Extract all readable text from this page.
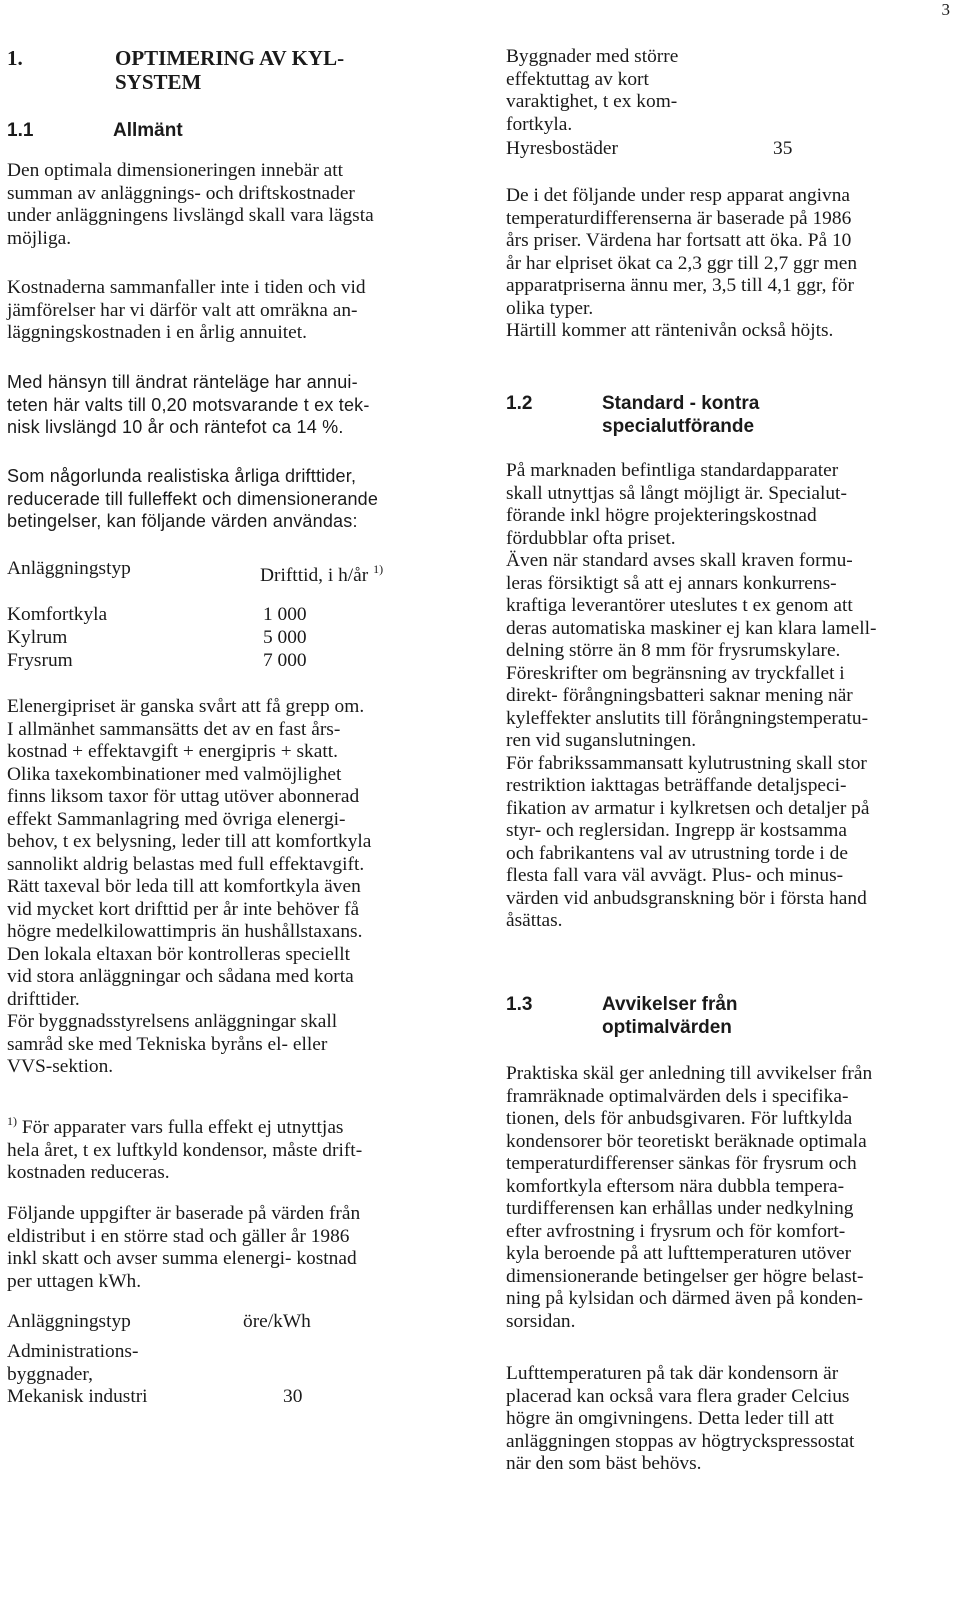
3
1.	OPTIMERING AV KYL-
SYSTEM
1.1	Allmänt

Den optimala dimensioneringen innebär att
summan av anläggnings- och driftskostnader
under anläggningens livslängd skall vara lägsta
möjliga.

Kostnaderna sammanfaller inte i tiden och vid
jämförelser har vi därför valt att omräkna an-
läggningskostnaden i en årlig annuitet.

Med hänsyn till ändrat ränteläge har annui-
teten här valts till 0,20 motsvarande t ex tek-
nisk livslängd 10 år och räntefot ca 14 %.

Som någorlunda realistiska årliga drifttider,
reducerade till fulleffekt och dimensionerande
betingelser, kan följande värden användas:

Anläggningstyp	Drifttid, i h/år $^{1)}$
Komfortkyla	1 000
Kylrum	5 000
Frysrum	7 000

Elenergipriset är ganska svårt att få grepp om.
I allmänhet sammansätts det av en fast års-
kostnad + effektavgift + energipris + skatt.
Olika taxekombinationer med valmöjlighet
finns liksom taxor för uttag utöver abonnerad
effekt Sammanlagring med övriga elenergi-
behov, t ex belysning, leder till att komfortkyla
sannolikt aldrig belastas med full effektavgift.
Rätt taxeval bör leda till att komfortkyla även
vid mycket kort drifttid per år inte behöver få
högre medelkilowattimpris än hushållstaxans.
Den lokala eltaxan bör kontrolleras speciellt
vid stora anläggningar och sådana med korta
drifttider.
För byggnadsstyrelsens anläggningar skall
samråd ske med Tekniska byråns el- eller
VVS-sektion.

$^{1)}$ För apparater vars fulla effekt ej utnyttjas
hela året, t ex luftkyld kondensor, måste drift-
kostnaden reduceras.

Följande uppgifter är baserade på värden från
eldistribut i en större stad och gäller år 1986
inkl skatt och avser summa elenergi- kostnad
per uttagen kWh.

Anläggningstyp	öre/kWh
Administrations-
byggnader,
Mekanisk industri	30

Byggnader med större
effektuttag av kort
varaktighet, t ex kom-
fortkyla.

Hyresbostäder	35

De i det följande under resp apparat angivna
temperaturdifferenserna är baserade på 1986
års priser. Värdena har fortsatt att öka. På 10
år har elpriset ökat ca 2,3 ggr till 2,7 ggr men
apparatpriserna ännu mer, 3,5 till 4,1 ggr, för
olika typer.
Härtill kommer att räntenivån också höjts.

1.2	Standard - kontra
specialutförande

På marknaden befintliga standardapparater
skall utnyttjas så långt möjligt är. Specialut-
förande inkl högre projekteringskostnad
fördubblar ofta priset.
Även när standard avses skall kraven formu-
leras försiktigt så att ej annars konkurrens-
kraftiga leverantörer uteslutes t ex genom att
deras automatiska maskiner ej kan klara lamell-
delning större än 8 mm för frysrumskylare.
Föreskrifter om begränsning av tryckfallet i
direkt- förångningsbatteri saknar mening när
kyleffekter anslutits till förångningstemperatu-
ren vid suganslutningen.
För fabrikssammansatt kylutrustning skall stor
restriktion iakttagas beträffande detaljspeci-
fikation av armatur i kylkretsen och detaljer på
styr- och reglersidan. Ingrepp är kostsamma
och fabrikantens val av utrustning torde i de
flesta fall vara väl avvägt. Plus- och minus-
värden vid anbudsgranskning bör i första hand
åsättas.

1.3	Avvikelser från
optimalvärden

Praktiska skäl ger anledning till avvikelser från
framräknade optimalvärden dels i specifika-
tionen, dels för anbudsgivaren. För luftkylda
kondensorer bör teoretiskt beräknade optimala
temperaturdifferenser sänkas för frysrum och
komfortkyla eftersom nära dubbla tempera-
turdifferensen kan erhållas under nedkylning
efter avfrostning i frysrum och för komfort-
kyla beroende på att lufttemperaturen utöver
dimensionerande betingelser ger högre belast-
ning på kylsidan och därmed även på konden-
sorsidan.

Lufttemperaturen på tak där kondensorn är
placerad kan också vara flera grader Celcius
högre än omgivningens. Detta leder till att
anläggningen stoppas av högtryckspressostat
när den som bäst behövs.
